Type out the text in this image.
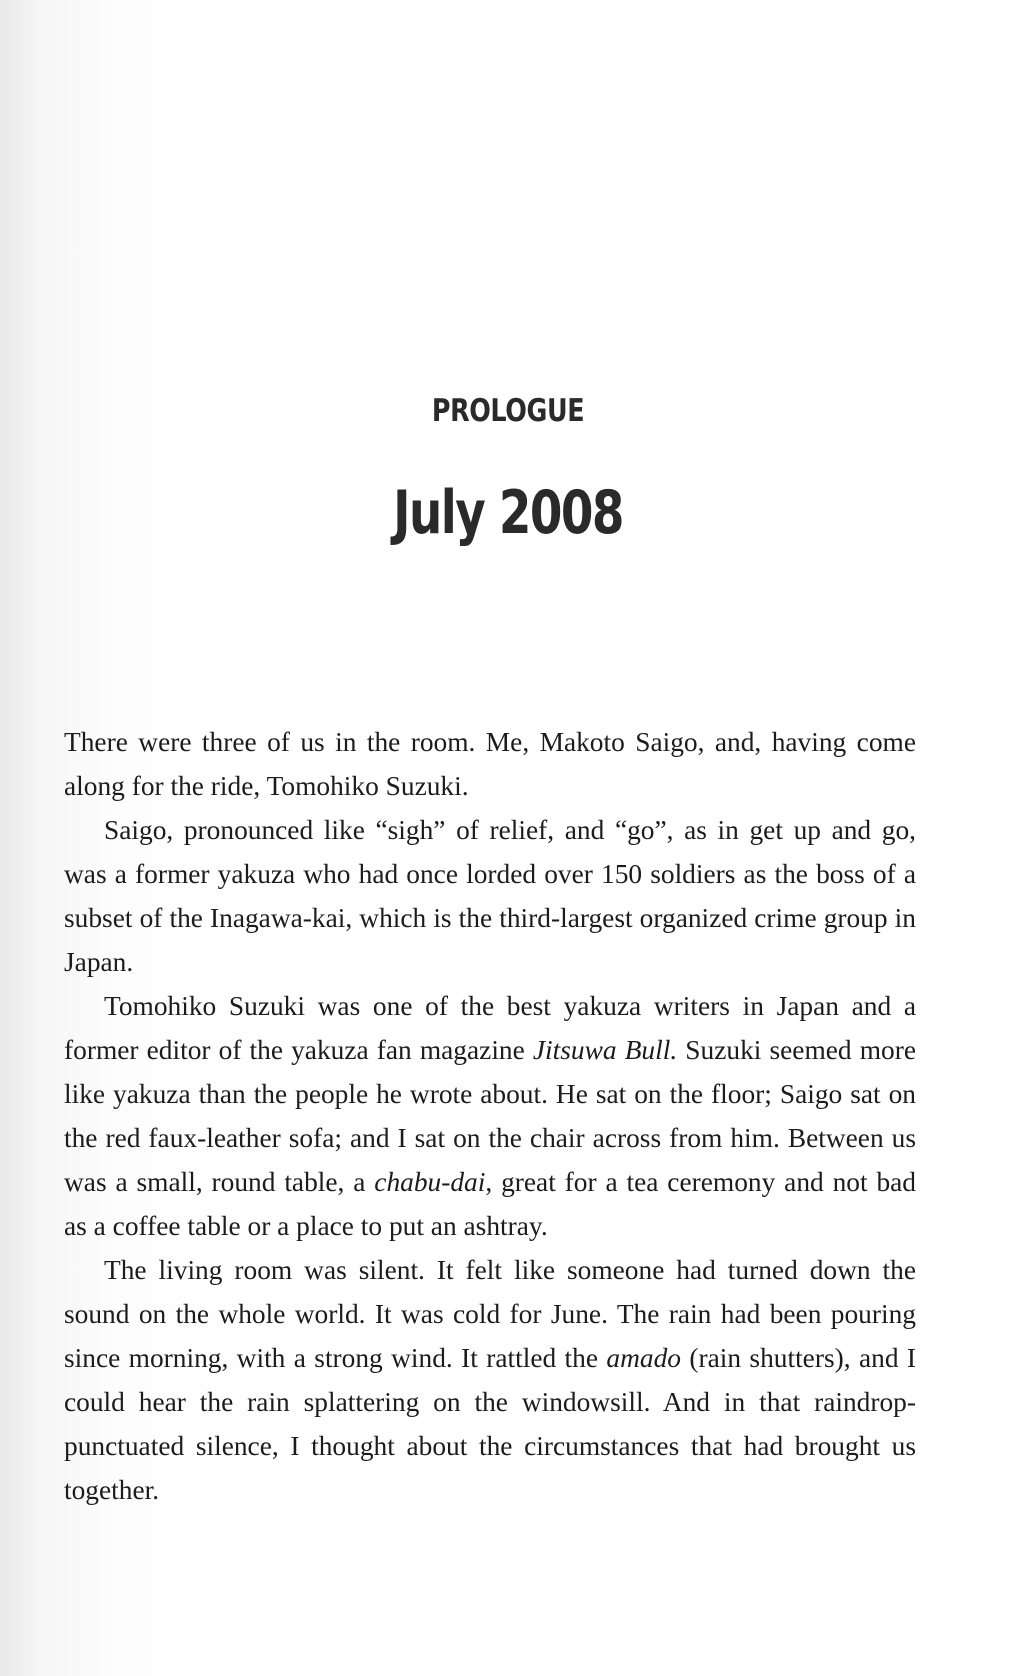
PROLOGUE
July 2008

There were three of us in the room. Me, Makoto Saigo, and, having come along for the ride, Tomohiko Suzuki.

Saigo, pronounced like “sigh” of relief, and “go”, as in get up and go, was a former yakuza who had once lorded over 150 soldiers as the boss of a subset of the Inagawa-kai, which is the third-largest organized crime group in Japan.

Tomohiko Suzuki was one of the best yakuza writers in Japan and a former editor of the yakuza fan magazine Jitsuwa Bull. Suzuki seemed more like yakuza than the people he wrote about. He sat on the floor; Saigo sat on the red faux-leather sofa; and I sat on the chair across from him. Between us was a small, round table, a chabu-dai, great for a tea ceremony and not bad as a coffee table or a place to put an ashtray.

The living room was silent. It felt like someone had turned down the sound on the whole world. It was cold for June. The rain had been pouring since morning, with a strong wind. It rattled the amado (rain shutters), and I could hear the rain splattering on the windowsill. And in that raindrop-punctuated silence, I thought about the circumstances that had brought us together.
